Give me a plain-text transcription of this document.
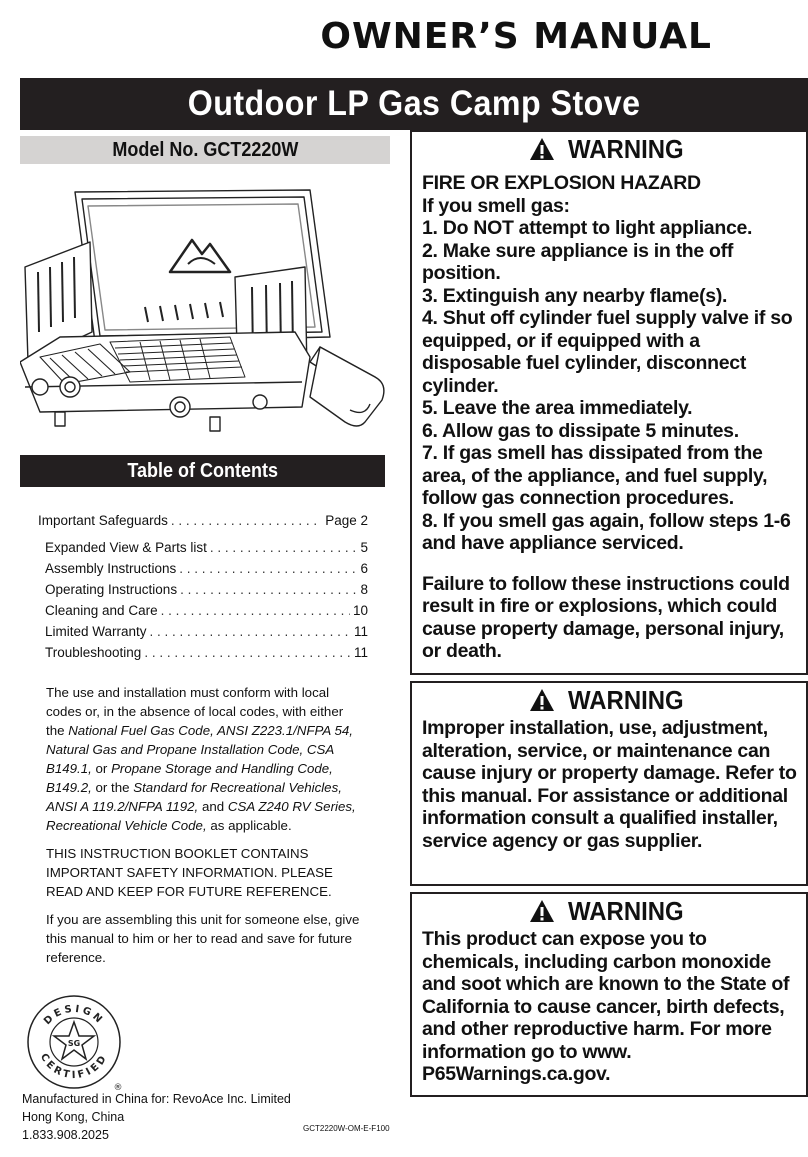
OWNER’S MANUAL
Outdoor LP Gas Camp Stove
Model No. GCT2220W
Table of Contents
Important Safeguards . . .	Page 2
Expanded View & Parts list . . .	5
Assembly Instructions . . .	6
Operating Instructions . . .	8
Cleaning and Care . . .	10
Limited Warranty . . .	11
Troubleshooting . . .	11

The use and installation must conform with local codes or, in the absence of local codes, with either the National Fuel Gas Code, ANSI Z223.1/NFPA 54, Natural Gas and Propane Installation Code, CSA B149.1, or Propane Storage and Handling Code, B149.2, or the Standard for Recreational Vehicles, ANSI A 119.2/NFPA 1192, and CSA Z240 RV Series, Recreational Vehicle Code, as applicable.

THIS INSTRUCTION BOOKLET CONTAINS IMPORTANT SAFETY INFORMATION. PLEASE READ AND KEEP FOR FUTURE REFERENCE.

If you are assembling this unit for someone else, give this manual to him or her to read and save for future reference.

DESIGN
CERTIFIED
SG
®
Manufactured in China for: RevoAce Inc. Limited
Hong Kong, China
1.833.908.2025	GCT2220W-OM-E-F100
WARNING

FIRE OR EXPLOSION HAZARD

If you smell gas:

1. Do NOT attempt to light appliance.

2. Make sure appliance is in the off position.

3. Extinguish any nearby flame(s).

4. Shut off cylinder fuel supply valve if so equipped, or if equipped with a disposable fuel cylinder, disconnect cylinder.

5. Leave the area immediately.

6. Allow gas to dissipate 5 minutes.

7. If gas smell has dissipated from the area, of the appliance, and fuel supply, follow gas connection procedures.

8. If you smell gas again, follow steps 1-6 and have appliance serviced.

Failure to follow these instructions could result in fire or explosions, which could cause property damage, personal injury, or death.

WARNING

Improper installation, use, adjustment, alteration, service, or maintenance can cause injury or property damage. Refer to this manual. For assistance or additional information consult a qualified installer, service agency or gas supplier.

WARNING

This product can expose you to chemicals, including carbon monoxide and soot which are known to the State of California to cause cancer, birth defects, and other reproductive harm. For more information go to www. P65Warnings.ca.gov.
